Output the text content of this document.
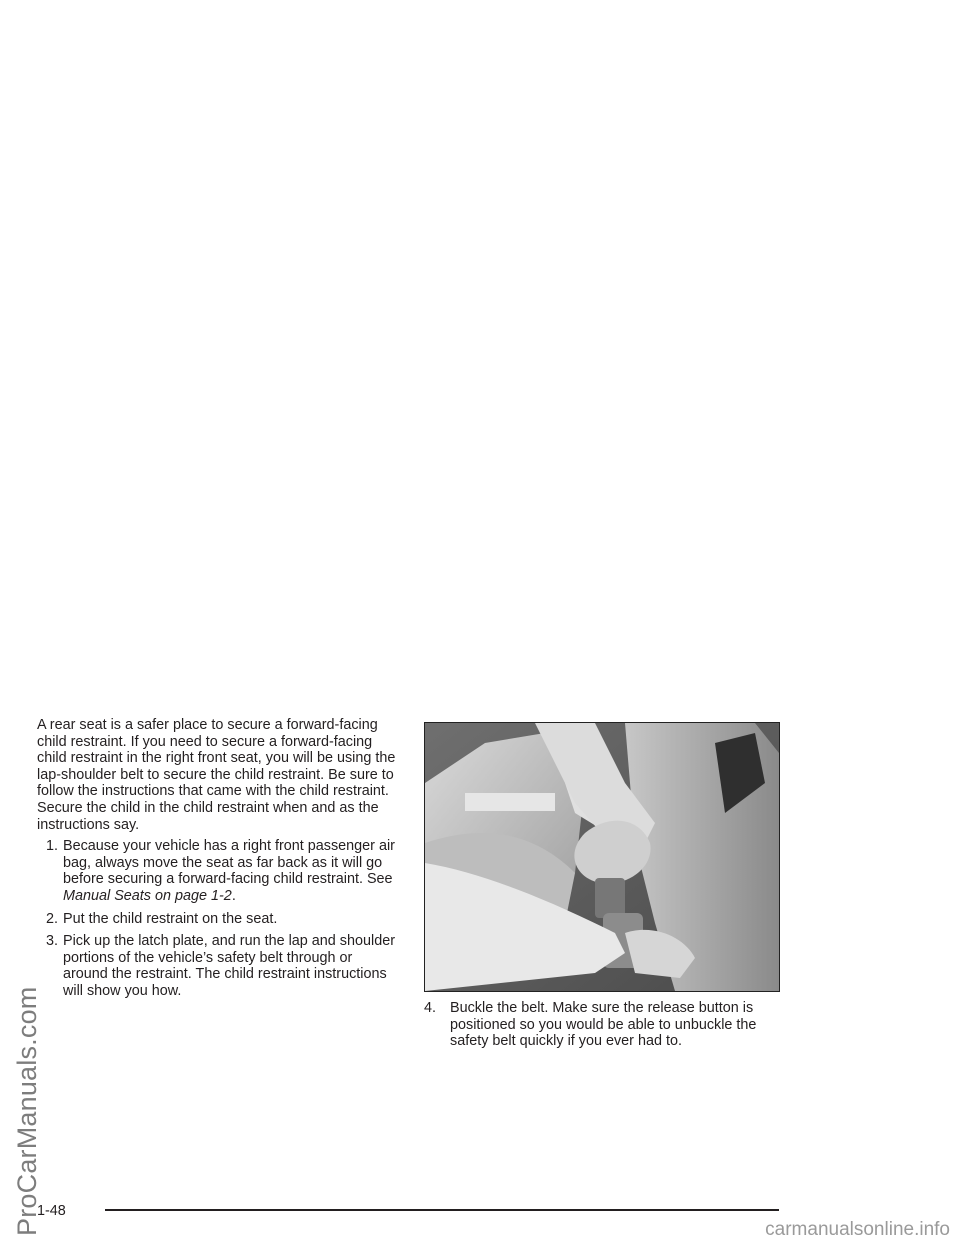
A rear seat is a safer place to secure a forward-facing child restraint. If you need to secure a forward-facing child restraint in the right front seat, you will be using the lap-shoulder belt to secure the child restraint. Be sure to follow the instructions that came with the child restraint. Secure the child in the child restraint when and as the instructions say.

1. Because your vehicle has a right front passenger air bag, always move the seat as far back as it will go before securing a forward-facing child restraint. See Manual Seats on page 1-2.
2. Put the child restraint on the seat.
3. Pick up the latch plate, and run the lap and shoulder portions of the vehicle’s safety belt through or around the restraint. The child restraint instructions will show you how.
4. Buckle the belt. Make sure the release button is positioned so you would be able to unbuckle the safety belt quickly if you ever had to.
ProCarManuals.com
1-48
carmanualsonline.info
